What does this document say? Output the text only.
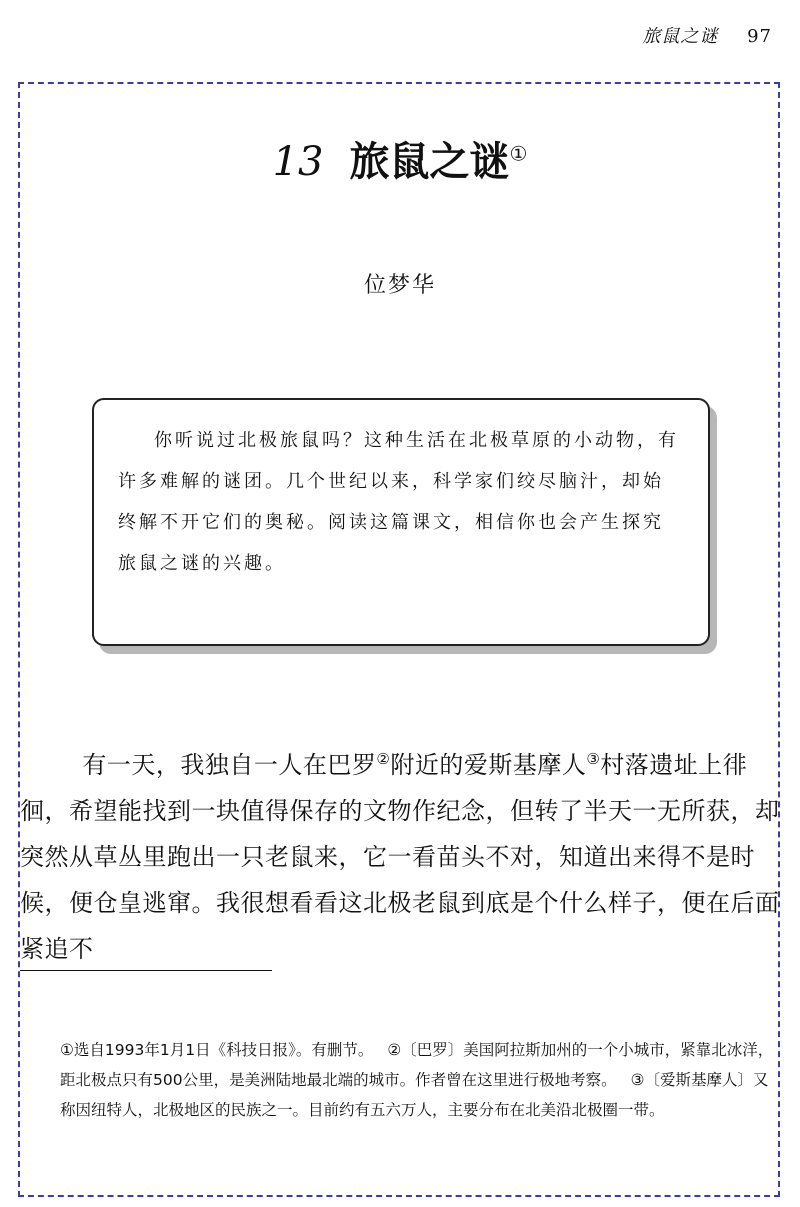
旅鼠之谜 97
13 旅鼠之谜①
位梦华

你听说过北极旅鼠吗？这种生活在北极草原的小动物，有许多难解的谜团。几个世纪以来，科学家们绞尽脑汁，却始终解不开它们的奥秘。阅读这篇课文，相信你也会产生探究旅鼠之谜的兴趣。

有一天，我独自一人在巴罗②附近的爱斯基摩人③村落遗址上徘徊，希望能找到一块值得保存的文物作纪念，但转了半天一无所获，却突然从草丛里跑出一只老鼠来，它一看苗头不对，知道出来得不是时候，便仓皇逃窜。我很想看看这北极老鼠到底是个什么样子，便在后面紧追不

①选自1993年1月1日《科技日报》。有删节。 ②〔巴罗〕美国阿拉斯加州的一个小城市，紧靠北冰洋，距北极点只有500公里，是美洲陆地最北端的城市。作者曾在这里进行极地考察。 ③〔爱斯基摩人〕又称因纽特人，北极地区的民族之一。目前约有五六万人，主要分布在北美沿北极圈一带。
